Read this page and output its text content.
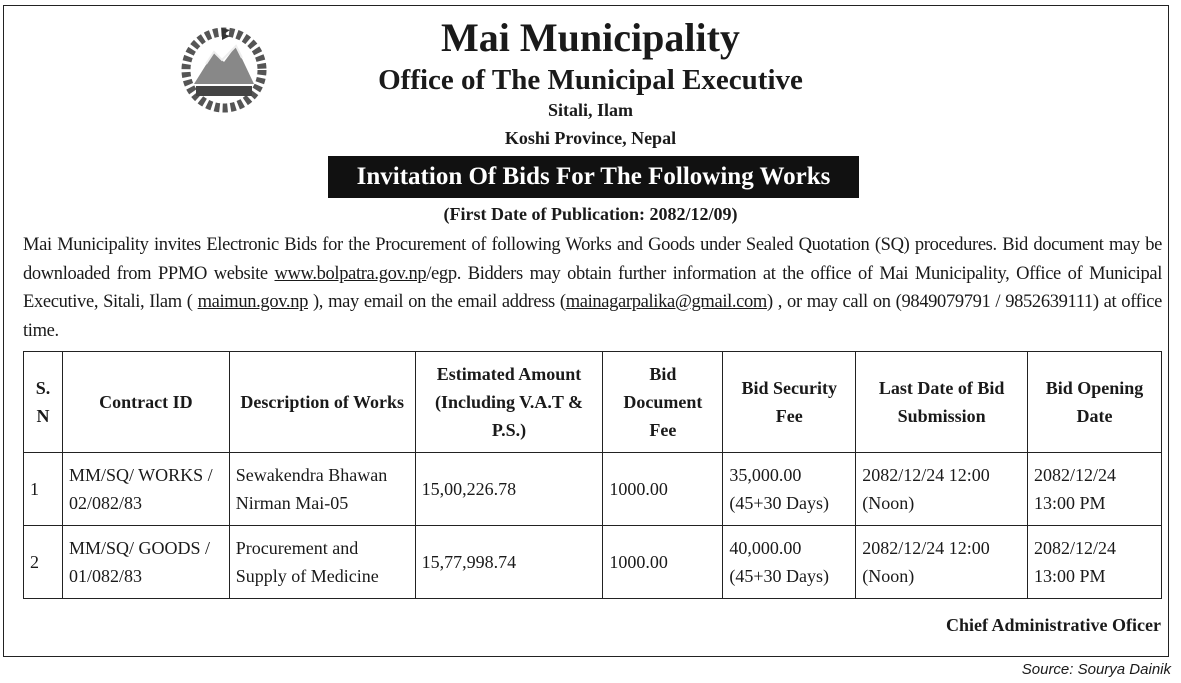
Mai Municipality
Office of The Municipal Executive
Sitali, Ilam
Koshi Province, Nepal
Invitation Of Bids For The Following Works
(First Date of Publication: 2082/12/09)
Mai Municipality invites Electronic Bids for the Procurement of following Works and Goods under Sealed Quotation (SQ) procedures. Bid document may be downloaded from PPMO website www.bolpatra.gov.np/egp. Bidders may obtain further information at the office of Mai Municipality, Office of Municipal Executive, Sitali, Ilam ( maimun.gov.np ), may email on the email address (mainagarpalika@gmail.com) , or may call on (9849079791 / 9852639111) at office time.
S. N	Contract ID	Description of Works	Estimated Amount (Including V.A.T & P.S.)	Bid Document Fee	Bid Security Fee	Last Date of Bid Submission	Bid Opening Date
1	MM/SQ/ WORKS / 02/082/83	Sewakendra Bhawan Nirman Mai-05	15,00,226.78	1000.00	35,000.00 (45+30 Days)	2082/12/24 12:00 (Noon)	2082/12/24 13:00 PM
2	MM/SQ/ GOODS / 01/082/83	Procurement and Supply of Medicine	15,77,998.74	1000.00	40,000.00 (45+30 Days)	2082/12/24 12:00 (Noon)	2082/12/24 13:00 PM
Chief Administrative Oficer
Source: Sourya Dainik
